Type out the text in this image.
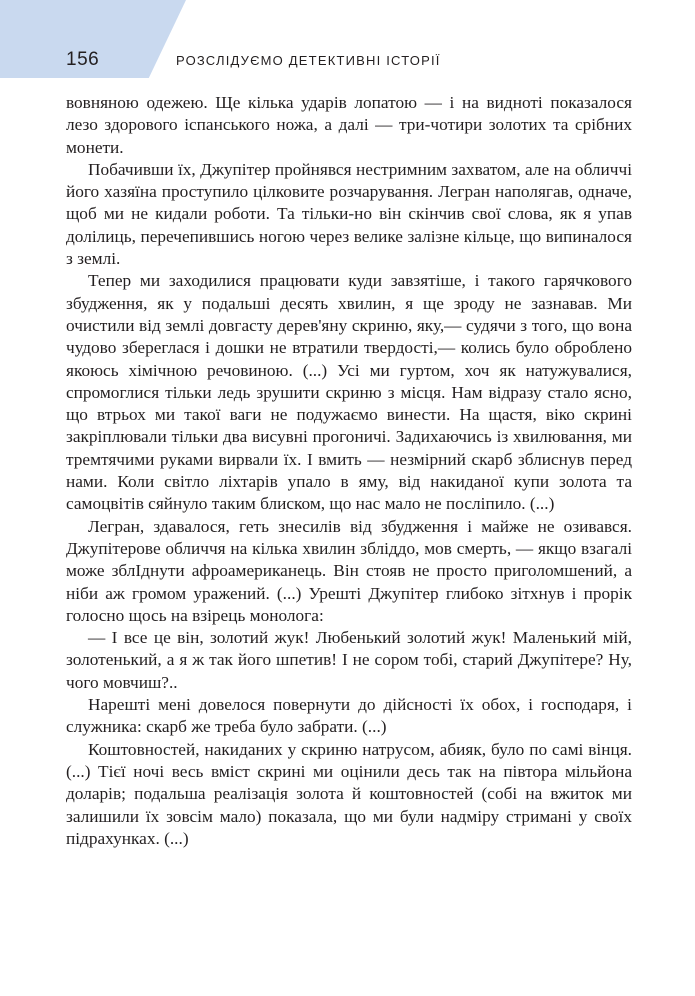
156	РОЗСЛІДУЄМО ДЕТЕКТИВНІ ІСТОРІЇ

вовняною одежею. Ще кілька ударів лопатою — і на видноті показалося лезо здорового іспанського ножа, а далі — три-чотири золотих та срібних монети.

Побачивши їх, Джупітер пройнявся нестримним захватом, але на обличчі його хазяїна проступило цілковите розчарування. Легран наполягав, одначе, щоб ми не кидали роботи. Та тільки-но він скінчив свої слова, як я упав долілиць, перечепившись ногою через велике залізне кільце, що випиналося з землі.

Тепер ми заходилися працювати куди завзятіше, і такого гарячкового збудження, як у подальші десять хвилин, я ще зроду не зазнавав. Ми очистили від землі довгасту дерев'яну скриню, яку,— судячи з того, що вона чудово збереглася і дошки не втратили твердості,— колись було оброблено якоюсь хімічною речовиною. (...) Усі ми гуртом, хоч як натужувалися, спромоглися тільки ледь зрушити скриню з місця. Нам відразу стало ясно, що втрьох ми такої ваги не подужаємо винести. На щастя, віко скрині закріплювали тільки два висувні прогоничі. Задихаючись із хвилювання, ми тремтячими руками вирвали їх. І вмить — незмірний скарб зблиснув перед нами. Коли світло ліхтарів упало в яму, від накиданої купи золота та самоцвітів сяйнуло таким блиском, що нас мало не посліпило. (...)

Легран, здавалося, геть знесилів від збудження і майже не озивався. Джупітерове обличчя на кілька хвилин збліддо, мов смерть, — якщо взагалі може зблІднути афроамериканець. Він стояв не просто приголомшений, а ніби аж громом уражений. (...) Урешті Джупітер глибоко зітхнув і прорік голосно щось на взірець монолога:

— І все це він, золотий жук! Любенький золотий жук! Маленький мій, золотенький, а я ж так його шпетив! І не сором тобі, старий Джупітере? Ну, чого мовчиш?..

Нарешті мені довелося повернути до дійсності їх обох, і господаря, і служника: скарб же треба було забрати. (...)

Коштовностей, накиданих у скриню натрусом, абияк, було по самі вінця. (...) Тієї ночі весь вміст скрині ми оцінили десь так на півтора мільйона доларів; подальша реалізація золота й коштовностей (собі на вжиток ми залишили їх зовсім мало) показала, що ми були надміру стримані у своїх підрахунках. (...)
